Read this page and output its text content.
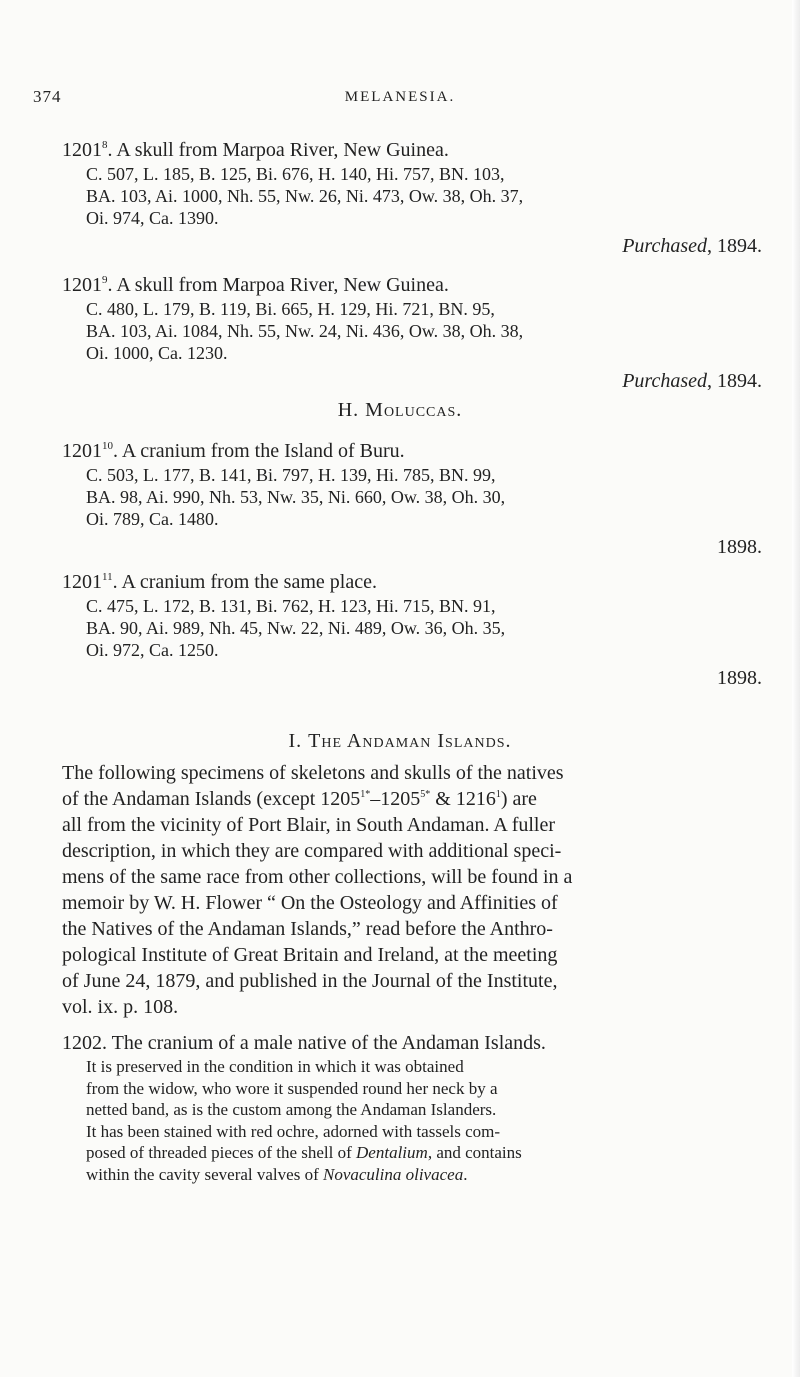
374	MELANESIA.
1201$^8$. A skull from Marpoa River, New Guinea.
C. 507, L. 185, B. 125, Bi. 676, H. 140, Hi. 757, BN. 103,
BA. 103, Ai. 1000, Nh. 55, Nw. 26, Ni. 473, Ow. 38, Oh. 37,
Oi. 974, Ca. 1390.
Purchased, 1894.
1201$^9$. A skull from Marpoa River, New Guinea.
C. 480, L. 179, B. 119, Bi. 665, H. 129, Hi. 721, BN. 95,
BA. 103, Ai. 1084, Nh. 55, Nw. 24, Ni. 436, Ow. 38, Oh. 38,
Oi. 1000, Ca. 1230.
Purchased, 1894.
H. Moluccas.
1201$^{10}$. A cranium from the Island of Buru.
C. 503, L. 177, B. 141, Bi. 797, H. 139, Hi. 785, BN. 99,
BA. 98, Ai. 990, Nh. 53, Nw. 35, Ni. 660, Ow. 38, Oh. 30,
Oi. 789, Ca. 1480.
1898.
1201$^{11}$. A cranium from the same place.
C. 475, L. 172, B. 131, Bi. 762, H. 123, Hi. 715, BN. 91,
BA. 90, Ai. 989, Nh. 45, Nw. 22, Ni. 489, Ow. 36, Oh. 35,
Oi. 972, Ca. 1250.
1898.
I. The Andaman Islands.
The following specimens of skeletons and skulls of the natives
of the Andaman Islands (except $1205^{1*}-1205^{5*}$ & 1216$^1$) are
all from the vicinity of Port Blair, in South Andaman. A fuller
description, in which they are compared with additional speci-
mens of the same race from other collections, will be found in a
memoir by W. H. Flower “ On the Osteology and Affinities of
the Natives of the Andaman Islands,” read before the Anthro-
pological Institute of Great Britain and Ireland, at the meeting
of June 24, 1879, and published in the Journal of the Institute,
vol. ix. p. 108.
1202. The cranium of a male native of the Andaman Islands.
It is preserved in the condition in which it was obtained
from the widow, who wore it suspended round her neck by a
netted band, as is the custom among the Andaman Islanders.
It has been stained with red ochre, adorned with tassels com-
posed of threaded pieces of the shell of Dentalium, and contains
within the cavity several valves of Novaculina olivacea.
